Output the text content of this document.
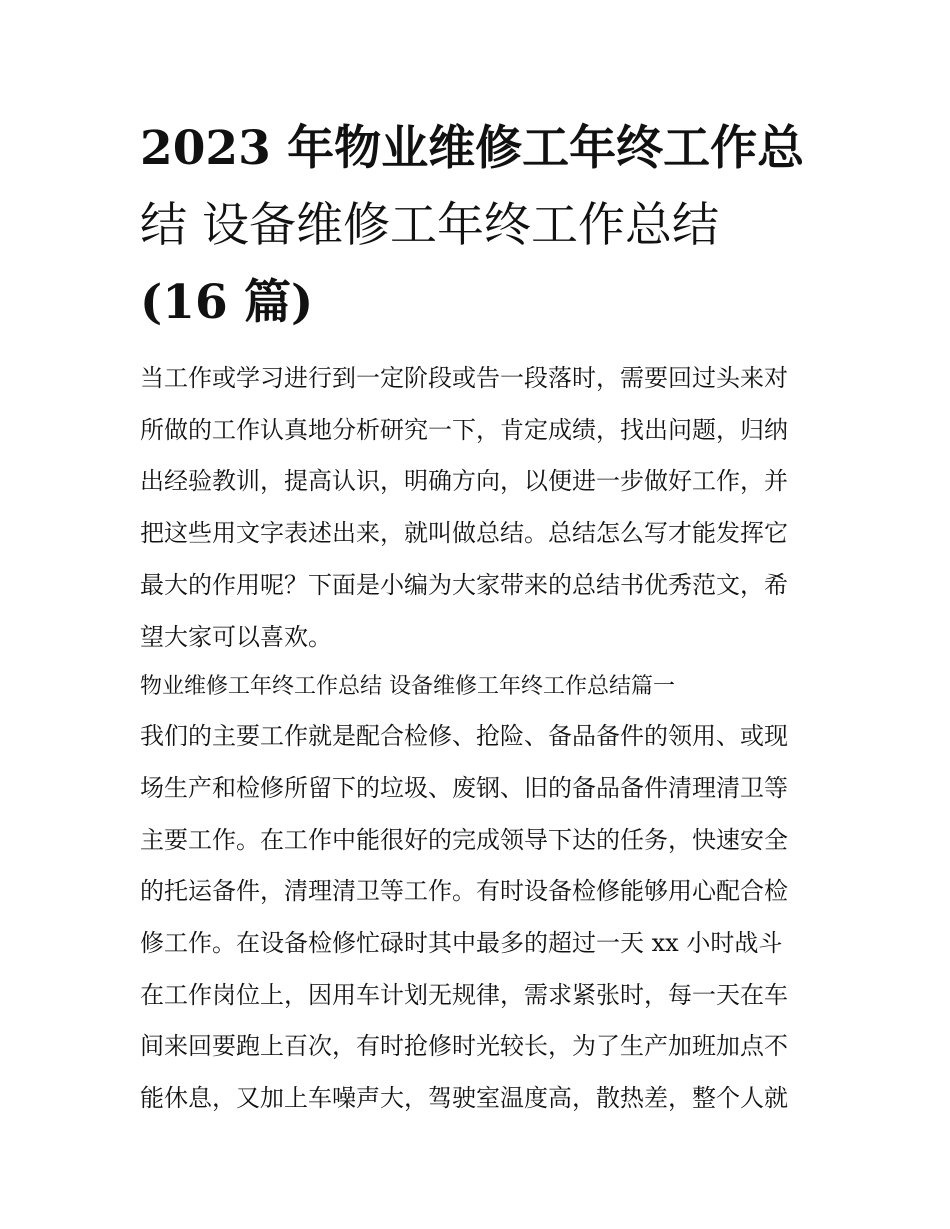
2023 年物业维修工年终工作总
结 设备维修工年终工作总结
(16 篇)
当工作或学习进行到一定阶段或告一段落时，需要回过头来对
所做的工作认真地分析研究一下，肯定成绩，找出问题，归纳
出经验教训，提高认识，明确方向，以便进一步做好工作，并
把这些用文字表述出来，就叫做总结。总结怎么写才能发挥它
最大的作用呢？下面是小编为大家带来的总结书优秀范文，希
望大家可以喜欢。
物业维修工年终工作总结 设备维修工年终工作总结篇一
我们的主要工作就是配合检修、抢险、备品备件的领用、或现
场生产和检修所留下的垃圾、废钢、旧的备品备件清理清卫等
主要工作。在工作中能很好的完成领导下达的任务，快速安全
的托运备件，清理清卫等工作。有时设备检修能够用心配合检
修工作。在设备检修忙碌时其中最多的超过一天 xx 小时战斗
在工作岗位上，因用车计划无规律，需求紧张时，每一天在车
间来回要跑上百次，有时抢修时光较长，为了生产加班加点不
能休息，又加上车噪声大，驾驶室温度高，散热差，整个人就
